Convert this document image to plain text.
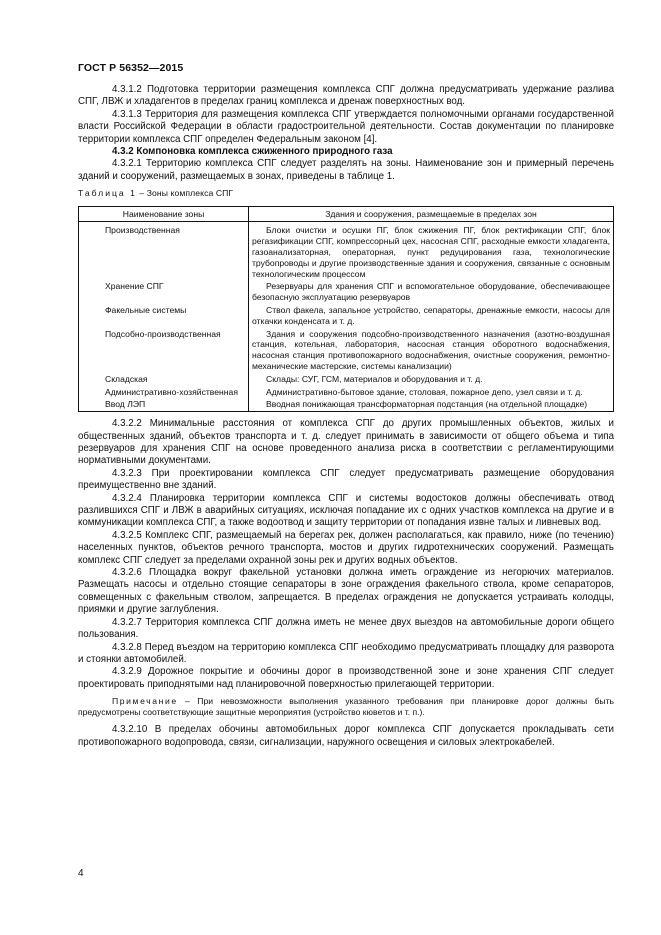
ГОСТ Р 56352—2015

4.3.1.2 Подготовка территории размещения комплекса СПГ должна предусматривать удержание разлива СПГ, ЛВЖ и хладагентов в пределах границ комплекса и дренаж поверхностных вод.

4.3.1.3 Территория для размещения комплекса СПГ утверждается полномочными органами государственной власти Российской Федерации в области градостроительной деятельности. Состав документации по планировке территории комплекса СПГ определен Федеральным законом [4].

4.3.2 Компоновка комплекса сжиженного природного газа

4.3.2.1 Территорию комплекса СПГ следует разделять на зоны. Наименование зон и примерный перечень зданий и сооружений, размещаемых в зонах, приведены в таблице 1.

Таблица 1 – Зоны комплекса СПГ
Наименование зоны	Здания и сооружения, размещаемые в пределах зон
Производственная	Блоки очистки и осушки ПГ, блок сжижения ПГ, блок ректификации СПГ, блок регазификации СПГ, компрессорный цех, насосная СПГ, расходные емкости хладагента, газоанализаторная, операторная, пункт редуцирования газа, технологические трубопроводы и другие производственные здания и сооружения, связанные с основным технологическим процессом
Хранение СПГ	Резервуары для хранения СПГ и вспомогательное оборудование, обеспечивающее безопасную эксплуатацию резервуаров
Факельные системы	Ствол факела, запальное устройство, сепараторы, дренажные емкости, насосы для откачки конденсата и т. д.
Подсобно-производственная	Здания и сооружения подсобно-производственного назначения (азотно-воздушная станция, котельная, лаборатория, насосная станция оборотного водоснабжения, насосная станция противопожарного водоснабжения, очистные сооружения, ремонтно-механические мастерские, системы канализации)
Складская	Склады: СУГ, ГСМ, материалов и оборудования и т. д.
Административно-хозяйственная	Административно-бытовое здание, столовая, пожарное депо, узел связи и т. д.
Ввод ЛЭП	Вводная понижающая трансформаторная подстанция (на отдельной площадке)

4.3.2.2 Минимальные расстояния от комплекса СПГ до других промышленных объектов, жилых и общественных зданий, объектов транспорта и т. д. следует принимать в зависимости от общего объема и типа резервуаров для хранения СПГ на основе проведенного анализа риска в соответствии с регламентирующими нормативными документами.

4.3.2.3 При проектировании комплекса СПГ следует предусматривать размещение оборудования преимущественно вне зданий.

4.3.2.4 Планировка территории комплекса СПГ и системы водостоков должны обеспечивать отвод разлившихся СПГ и ЛВЖ в аварийных ситуациях, исключая попадание их с одних участков комплекса на другие и в коммуникации комплекса СПГ, а также водоотвод и защиту территории от попадания извне талых и ливневых вод.

4.3.2.5 Комплекс СПГ, размещаемый на берегах рек, должен располагаться, как правило, ниже (по течению) населенных пунктов, объектов речного транспорта, мостов и других гидротехнических сооружений. Размещать комплекс СПГ следует за пределами охранной зоны рек и других водных объектов.

4.3.2.6 Площадка вокруг факельной установки должна иметь ограждение из негорючих материалов. Размещать насосы и отдельно стоящие сепараторы в зоне ограждения факельного ствола, кроме сепараторов, совмещенных с факельным стволом, запрещается. В пределах ограждения не допускается устраивать колодцы, приямки и другие заглубления.

4.3.2.7 Территория комплекса СПГ должна иметь не менее двух выездов на автомобильные дороги общего пользования.

4.3.2.8 Перед въездом на территорию комплекса СПГ необходимо предусматривать площадку для разворота и стоянки автомобилей.

4.3.2.9 Дорожное покрытие и обочины дорог в производственной зоне и зоне хранения СПГ следует проектировать приподнятыми над планировочной поверхностью прилегающей территории.

Примечание – При невозможности выполнения указанного требования при планировке дорог должны быть предусмотрены соответствующие защитные мероприятия (устройство кюветов и т. п.).

4.3.2.10 В пределах обочины автомобильных дорог комплекса СПГ допускается прокладывать сети противопожарного водопровода, связи, сигнализации, наружного освещения и силовых электрокабелей.

4
